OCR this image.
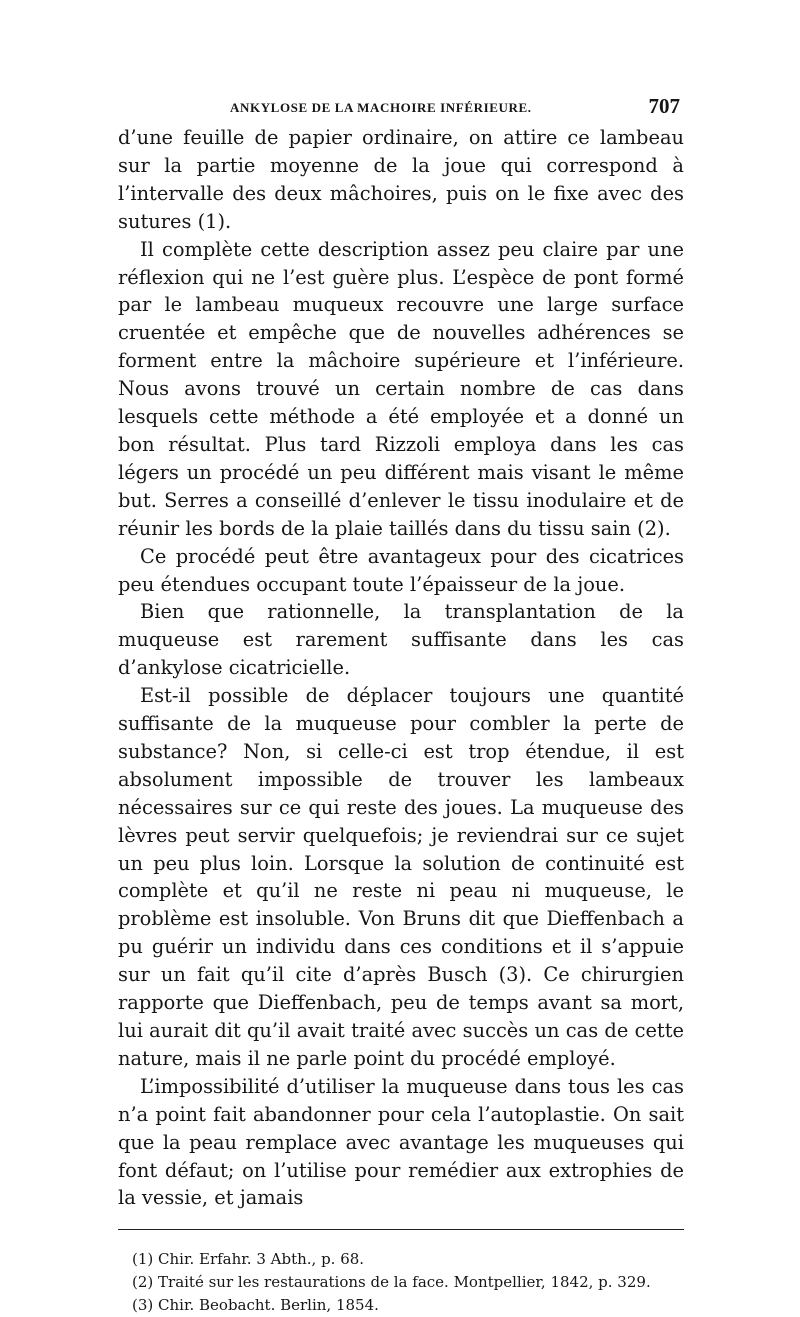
ANKYLOSE DE LA MACHOIRE INFÉRIEURE.	707

d’une feuille de papier ordinaire, on attire ce lambeau sur la partie moyenne de la joue qui correspond à l’intervalle des deux mâchoires, puis on le fixe avec des sutures (1).

Il complète cette description assez peu claire par une réflexion qui ne l’est guère plus. L’espèce de pont formé par le lambeau muqueux recouvre une large surface cruentée et empêche que de nouvelles adhérences se forment entre la mâchoire supérieure et l’inférieure. Nous avons trouvé un certain nombre de cas dans lesquels cette méthode a été employée et a donné un bon résultat. Plus tard Rizzoli employa dans les cas légers un procédé un peu différent mais visant le même but. Serres a conseillé d’enlever le tissu inodulaire et de réunir les bords de la plaie taillés dans du tissu sain (2).

Ce procédé peut être avantageux pour des cicatrices peu étendues occupant toute l’épaisseur de la joue.

Bien que rationnelle, la transplantation de la muqueuse est rarement suffisante dans les cas d’ankylose cicatricielle.

Est-il possible de déplacer toujours une quantité suffisante de la muqueuse pour combler la perte de substance? Non, si celle-ci est trop étendue, il est absolument impossible de trouver les lambeaux nécessaires sur ce qui reste des joues. La muqueuse des lèvres peut servir quelquefois; je reviendrai sur ce sujet un peu plus loin. Lorsque la solution de continuité est complète et qu’il ne reste ni peau ni muqueuse, le problème est insoluble. Von Bruns dit que Dieffenbach a pu guérir un individu dans ces conditions et il s’appuie sur un fait qu’il cite d’après Busch (3). Ce chirurgien rapporte que Dieffenbach, peu de temps avant sa mort, lui aurait dit qu’il avait traité avec succès un cas de cette nature, mais il ne parle point du procédé employé.

L’impossibilité d’utiliser la muqueuse dans tous les cas n’a point fait abandonner pour cela l’autoplastie. On sait que la peau remplace avec avantage les muqueuses qui font défaut; on l’utilise pour remédier aux extrophies de la vessie, et jamais

(1) Chir. Erfahr. 3 Abth., p. 68.

(2) Traité sur les restaurations de la face. Montpellier, 1842, p. 329.

(3) Chir. Beobacht. Berlin, 1854.
